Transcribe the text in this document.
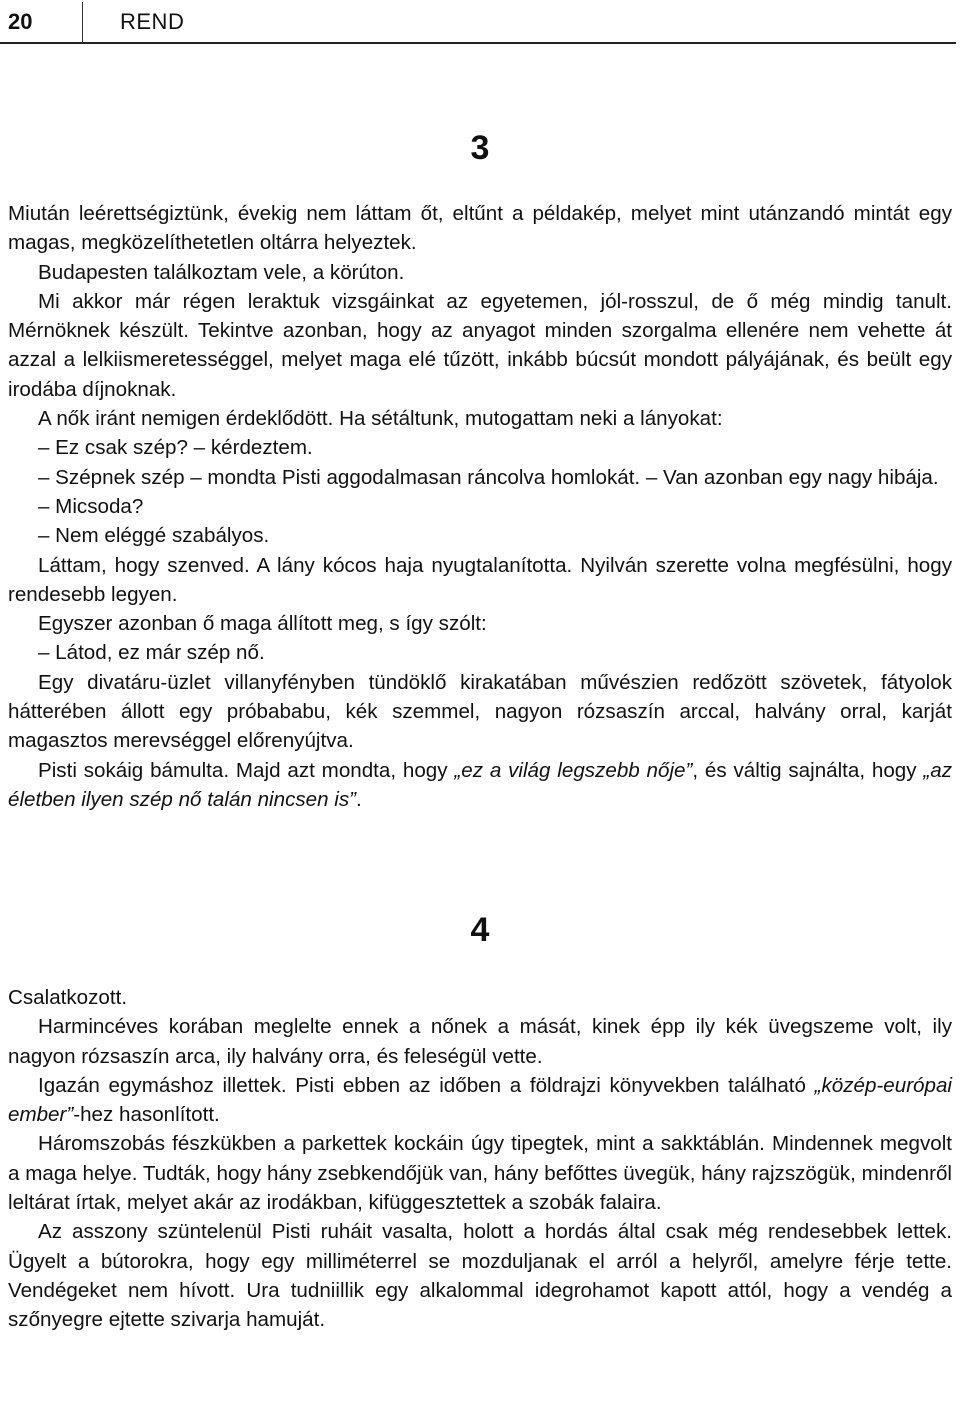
20	REND
3

Miután leérettségiztünk, évekig nem láttam őt, eltűnt a példakép, melyet mint utánzandó mintát egy magas, megközelíthetetlen oltárra helyeztek.

Budapesten találkoztam vele, a körúton.

Mi akkor már régen leraktuk vizsgáinkat az egyetemen, jól-rosszul, de ő még mindig tanult. Mérnöknek készült. Tekintve azonban, hogy az anyagot minden szorgalma ellenére nem vehette át azzal a lelkiismeretességgel, melyet maga elé tűzött, inkább búcsút mondott pályájának, és beült egy irodába díjnoknak.

A nők iránt nemigen érdeklődött. Ha sétáltunk, mutogattam neki a lányokat:

– Ez csak szép? – kérdeztem.

– Szépnek szép – mondta Pisti aggodalmasan ráncolva homlokát. – Van azonban egy nagy hibája.

– Micsoda?

– Nem eléggé szabályos.

Láttam, hogy szenved. A lány kócos haja nyugtalanította. Nyilván szerette volna megfésülni, hogy rendesebb legyen.

Egyszer azonban ő maga állított meg, s így szólt:

– Látod, ez már szép nő.

Egy divatáru-üzlet villanyfényben tündöklő kirakatában művészien redőzött szövetek, fátyolok hátterében állott egy próbababu, kék szemmel, nagyon rózsaszín arccal, halvány orral, karját magasztos merevséggel előrenyújtva.

Pisti sokáig bámulta. Majd azt mondta, hogy „ez a világ legszebb nője”, és váltig sajnálta, hogy „az életben ilyen szép nő talán nincsen is”.

4

Csalatkozott.

Harmincéves korában meglelte ennek a nőnek a mását, kinek épp ily kék üvegszeme volt, ily nagyon rózsaszín arca, ily halvány orra, és feleségül vette.

Igazán egymáshoz illettek. Pisti ebben az időben a földrajzi könyvekben található „közép-európai ember”-hez hasonlított.

Háromszobás fészkükben a parkettek kockáin úgy tipegtek, mint a sakktáblán. Mindennek megvolt a maga helye. Tudták, hogy hány zsebkendőjük van, hány befőttes üvegük, hány rajzszögük, mindenről leltárat írtak, melyet akár az irodákban, kifüggesztettek a szobák falaira.

Az asszony szüntelenül Pisti ruháit vasalta, holott a hordás által csak még rendesebbek lettek. Ügyelt a bútorokra, hogy egy milliméterrel se mozduljanak el arról a helyről, amelyre férje tette. Vendégeket nem hívott. Ura tudniillik egy alkalommal idegrohamot kapott attól, hogy a vendég a szőnyegre ejtette szivarja hamuját.
